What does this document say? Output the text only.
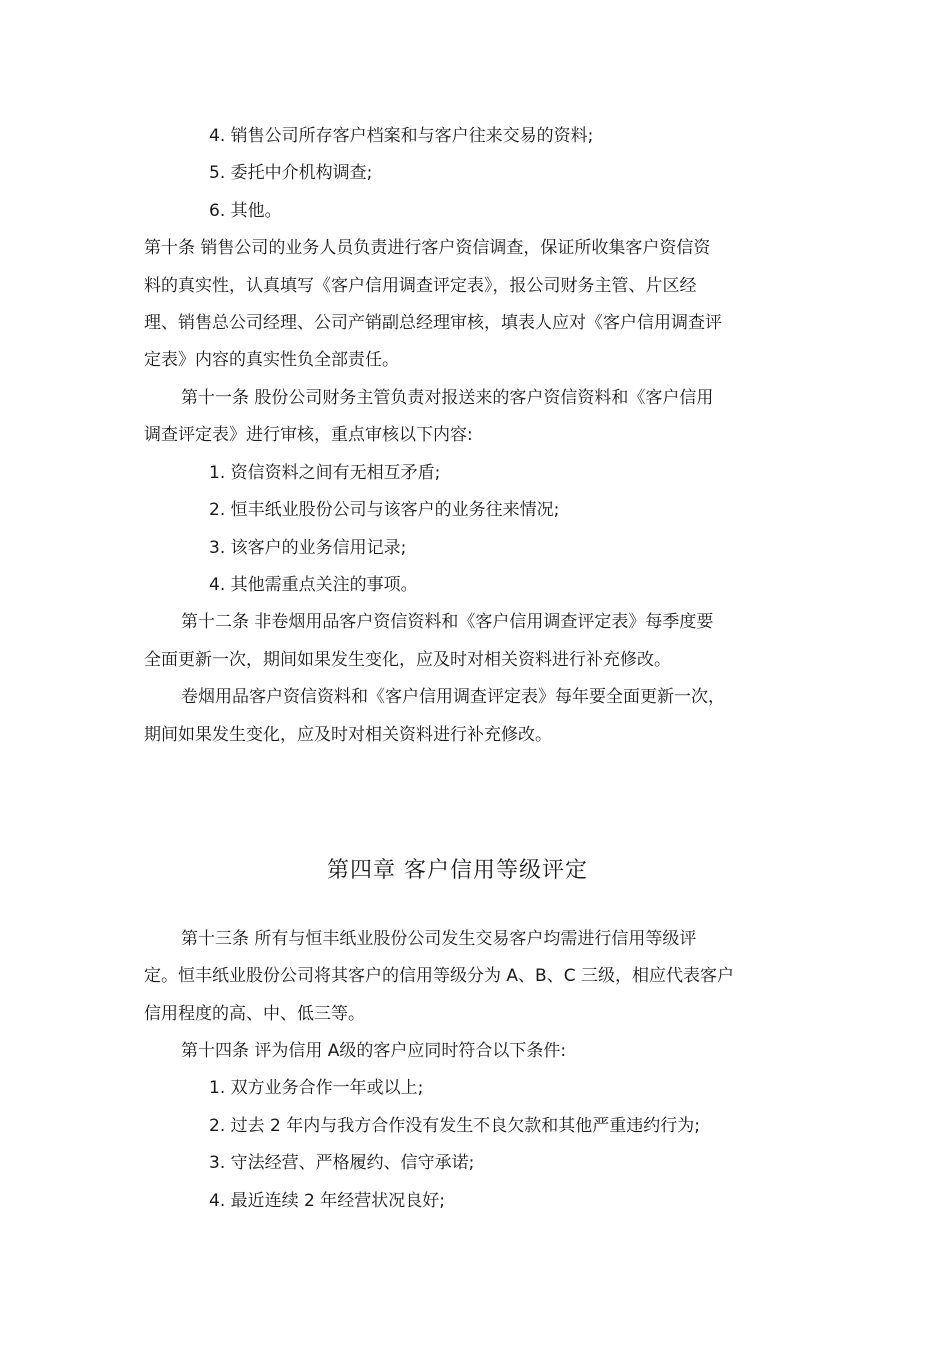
4. 销售公司所存客户档案和与客户往来交易的资料;
5. 委托中介机构调查;
6. 其他。
第十条 销售公司的业务人员负责进行客户资信调查，保证所收集客户资信资
料的真实性，认真填写《客户信用调查评定表》，报公司财务主管、片区经
理、销售总公司经理、公司产销副总经理审核，填表人应对《客户信用调查评
定表》内容的真实性负全部责任。
第十一条 股份公司财务主管负责对报送来的客户资信资料和《客户信用
调查评定表》进行审核，重点审核以下内容:
1. 资信资料之间有无相互矛盾;
2. 恒丰纸业股份公司与该客户的业务往来情况;
3. 该客户的业务信用记录;
4. 其他需重点关注的事项。
第十二条 非卷烟用品客户资信资料和《客户信用调查评定表》每季度要
全面更新一次，期间如果发生变化，应及时对相关资料进行补充修改。
卷烟用品客户资信资料和《客户信用调查评定表》每年要全面更新一次，
期间如果发生变化，应及时对相关资料进行补充修改。
第四章 客户信用等级评定
第十三条 所有与恒丰纸业股份公司发生交易客户均需进行信用等级评
定。恒丰纸业股份公司将其客户的信用等级分为 A、B、C 三级，相应代表客户
信用程度的高、中、低三等。
第十四条 评为信用 A级的客户应同时符合以下条件:
1. 双方业务合作一年或以上;
2. 过去 2 年内与我方合作没有发生不良欠款和其他严重违约行为;
3. 守法经营、严格履约、信守承诺;
4. 最近连续 2 年经营状况良好;
